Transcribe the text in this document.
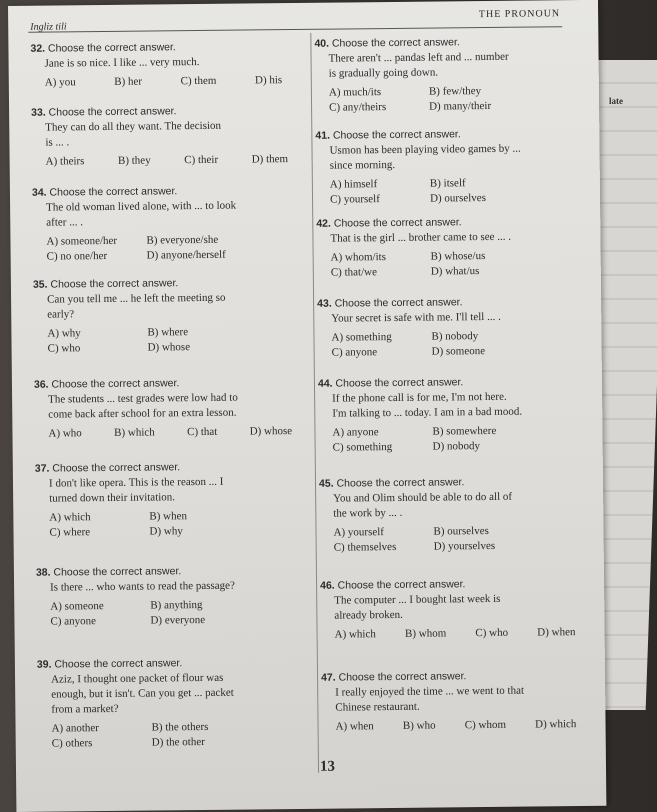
late
Ingliz tili
THE PRONOUN
32. Choose the correct answer.
Jane is so nice. I like ... very much.
A) you	B) her	C) them	D) his
33. Choose the correct answer.
They can do all they want. The decision
is ... .
A) theirs	B) they	C) their	D) them
34. Choose the correct answer.
The old woman lived alone, with ... to look
after ... .
A) someone/her	B) everyone/she
C) no one/her	D) anyone/herself
35. Choose the correct answer.
Can you tell me ... he left the meeting so
early?
A) why	B) where
C) who	D) whose
36. Choose the correct answer.
The students ... test grades were low had to
come back after school for an extra lesson.
A) who	B) which	C) that	D) whose
37. Choose the correct answer.
I don't like opera. This is the reason ... I
turned down their invitation.
A) which	B) when
C) where	D) why
38. Choose the correct answer.
Is there ... who wants to read the passage?
A) someone	B) anything
C) anyone	D) everyone
39. Choose the correct answer.
Aziz, I thought one packet of flour was
enough, but it isn't. Can you get ... packet
from a market?
A) another	B) the others
C) others	D) the other
40. Choose the correct answer.
There aren't ... pandas left and ... number
is gradually going down.
A) much/its	B) few/they
C) any/theirs	D) many/their
41. Choose the correct answer.
Usmon has been playing video games by ...
since morning.
A) himself	B) itself
C) yourself	D) ourselves
42. Choose the correct answer.
That is the girl ... brother came to see ... .
A) whom/its	B) whose/us
C) that/we	D) what/us
43. Choose the correct answer.
Your secret is safe with me. I'll tell ... .
A) something	B) nobody
C) anyone	D) someone
44. Choose the correct answer.
If the phone call is for me, I'm not here.
I'm talking to ... today. I am in a bad mood.
A) anyone	B) somewhere
C) something	D) nobody
45. Choose the correct answer.
You and Olim should be able to do all of
the work by ... .
A) yourself	B) ourselves
C) themselves	D) yourselves
46. Choose the correct answer.
The computer ... I bought last week is
already broken.
A) which	B) whom	C) who	D) when
47. Choose the correct answer.
I really enjoyed the time ... we went to that
Chinese restaurant.
A) when	B) who	C) whom	D) which
13
